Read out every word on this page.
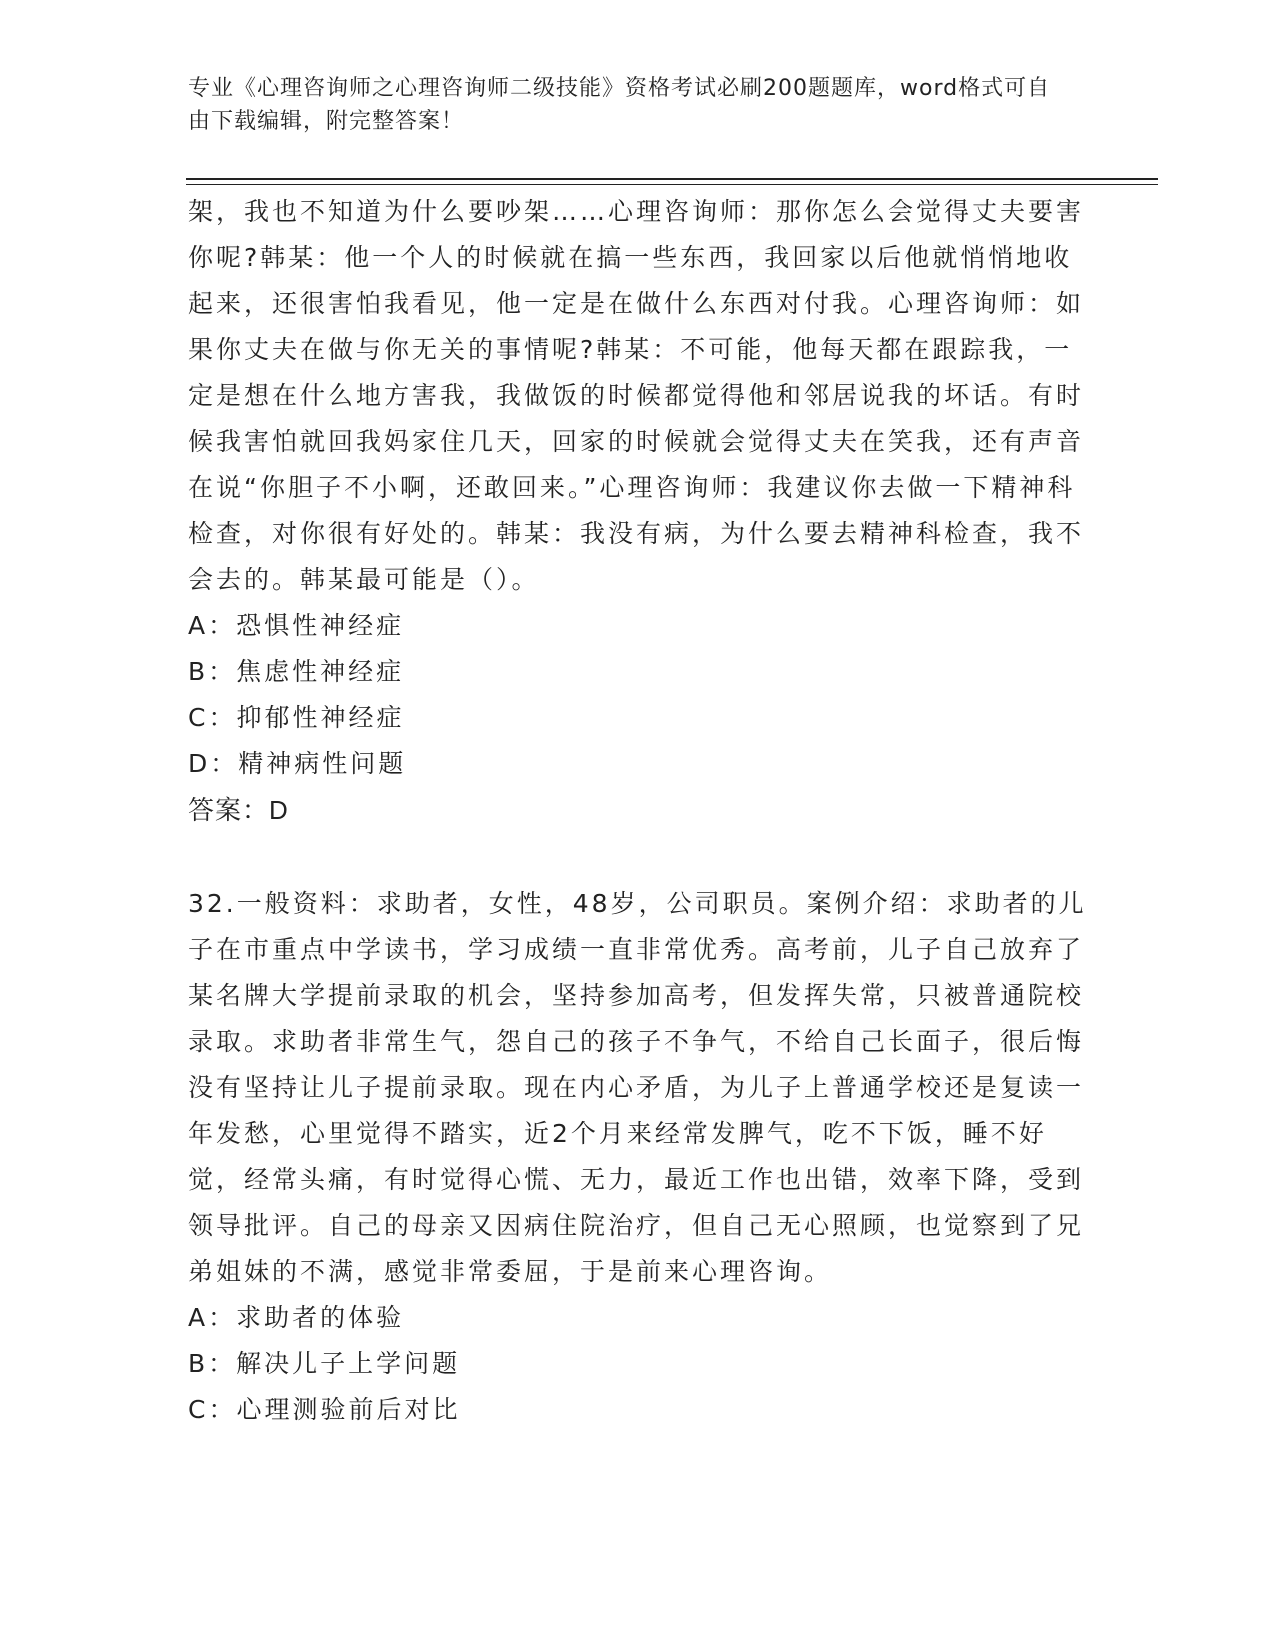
专业《心理咨询师之心理咨询师二级技能》资格考试必刷200题题库，word格式可自由下载编辑，附完整答案！

架，我也不知道为什么要吵架……心理咨询师：那你怎么会觉得丈夫要害你呢?韩某：他一个人的时候就在搞一些东西，我回家以后他就悄悄地收起来，还很害怕我看见，他一定是在做什么东西对付我。心理咨询师：如果你丈夫在做与你无关的事情呢?韩某：不可能，他每天都在跟踪我，一定是想在什么地方害我，我做饭的时候都觉得他和邻居说我的坏话。有时候我害怕就回我妈家住几天，回家的时候就会觉得丈夫在笑我，还有声音在说“你胆子不小啊，还敢回来。”心理咨询师：我建议你去做一下精神科检查，对你很有好处的。韩某：我没有病，为什么要去精神科检查，我不会去的。韩某最可能是（）。

A：恐惧性神经症

B：焦虑性神经症

C：抑郁性神经症

D：精神病性问题

答案：D

32.一般资料：求助者，女性，48岁，公司职员。案例介绍：求助者的儿子在市重点中学读书，学习成绩一直非常优秀。高考前，儿子自己放弃了某名牌大学提前录取的机会，坚持参加高考，但发挥失常，只被普通院校录取。求助者非常生气，怨自己的孩子不争气，不给自己长面子，很后悔没有坚持让儿子提前录取。现在内心矛盾，为儿子上普通学校还是复读一年发愁，心里觉得不踏实，近2个月来经常发脾气，吃不下饭，睡不好觉，经常头痛，有时觉得心慌、无力，最近工作也出错，效率下降，受到领导批评。自己的母亲又因病住院治疗，但自己无心照顾，也觉察到了兄弟姐妹的不满，感觉非常委屈，于是前来心理咨询。

A：求助者的体验

B：解决儿子上学问题

C：心理测验前后对比
